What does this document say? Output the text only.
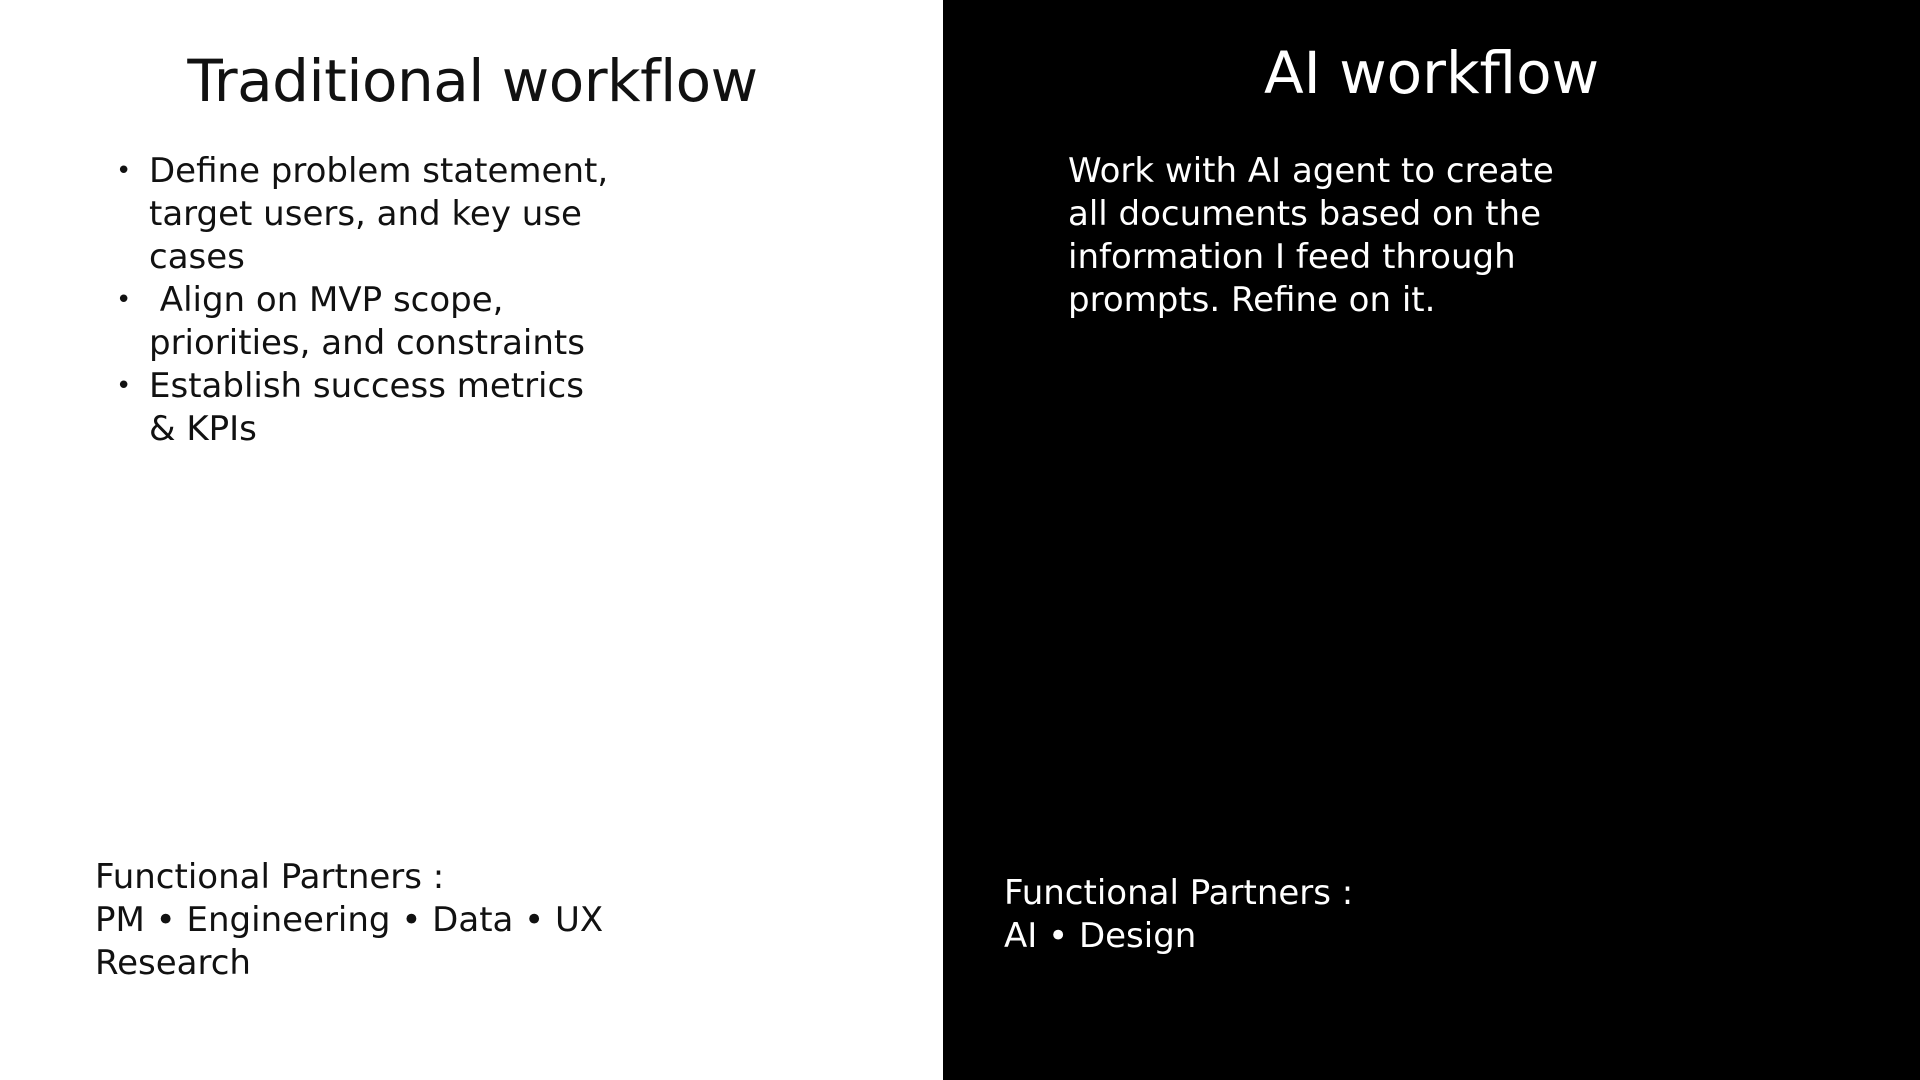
Traditional workflow
• Define problem statement,
target users, and key use
cases
•  Align on MVP scope,
priorities, and constraints
• Establish success metrics
& KPIs
Functional Partners :
PM • Engineering • Data • UX
Research
AI workflow
Work with AI agent to create
all documents based on the
information I feed through
prompts. Refine on it.
Functional Partners :
AI • Design
